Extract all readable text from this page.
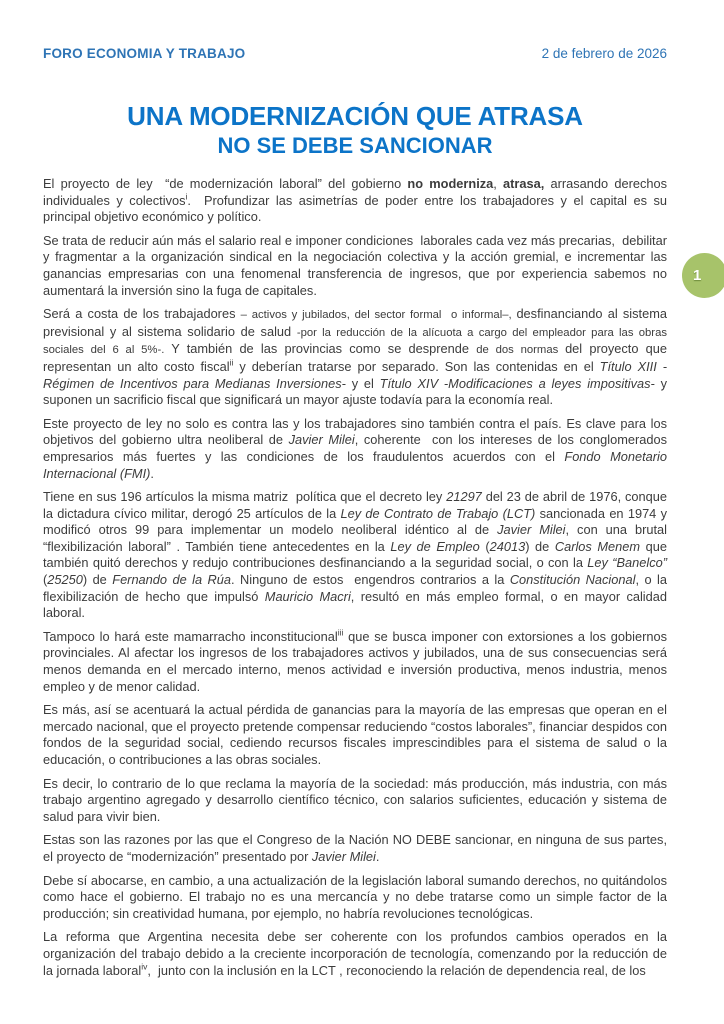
FORO ECONOMIA Y TRABAJO	2 de febrero de 2026
UNA MODERNIZACIÓN QUE ATRASA
NO SE DEBE SANCIONAR

El proyecto de ley  “de modernización laboral” del gobierno no moderniza, atrasa, arrasando derechos individuales y colectivos$^i$.  Profundizar las asimetrías de poder entre los trabajadores y el capital es su principal objetivo económico y político.

Se trata de reducir aún más el salario real e imponer condiciones  laborales cada vez más precarias,  debilitar y fragmentar a la organización sindical en la negociación colectiva y la acción gremial, e incrementar las ganancias empresarias con una fenomenal transferencia de ingresos, que por experiencia sabemos no aumentará la inversión sino la fuga de capitales.

Será a costa de los trabajadores – activos y jubilados, del sector formal  o informal–, desfinanciando al sistema previsional y al sistema solidario de salud -por la reducción de la alícuota a cargo del empleador para las obras sociales del 6 al 5%-. Y también de las provincias como se desprende de dos normas del proyecto que representan un alto costo fiscal$^{ii}$ y deberían tratarse por separado. Son las contenidas en el Título XIII - Régimen de Incentivos para Medianas Inversiones- y el Título XIV -Modificaciones a leyes impositivas- y suponen un sacrificio fiscal que significará un mayor ajuste todavía para la economía real.

Este proyecto de ley no solo es contra las y los trabajadores sino también contra el país. Es clave para los objetivos del gobierno ultra neoliberal de Javier Milei, coherente  con los intereses de los conglomerados empresarios más fuertes y las condiciones de los fraudulentos acuerdos con el Fondo Monetario Internacional (FMI).

Tiene en sus 196 artículos la misma matriz  política que el decreto ley 21297 del 23 de abril de 1976, conque la dictadura cívico militar, derogó 25 artículos de la Ley de Contrato de Trabajo (LCT) sancionada en 1974 y modificó otros 99 para implementar un modelo neoliberal idéntico al de Javier Milei, con una brutal “flexibilización laboral” . También tiene antecedentes en la Ley de Empleo (24013) de Carlos Menem que también quitó derechos y redujo contribuciones desfinanciando a la seguridad social, o con la Ley “Banelco” (25250) de Fernando de la Rúa. Ninguno de estos  engendros contrarios a la Constitución Nacional, o la flexibilización de hecho que impulsó Mauricio Macri, resultó en más empleo formal, o en mayor calidad laboral.

Tampoco lo hará este mamarracho inconstitucional$^{iii}$ que se busca imponer con extorsiones a los gobiernos provinciales. Al afectar los ingresos de los trabajadores activos y jubilados, una de sus consecuencias será menos demanda en el mercado interno, menos actividad e inversión productiva, menos industria, menos empleo y de menor calidad.

Es más, así se acentuará la actual pérdida de ganancias para la mayoría de las empresas que operan en el mercado nacional, que el proyecto pretende compensar reduciendo “costos laborales”, financiar despidos con fondos de la seguridad social, cediendo recursos fiscales imprescindibles para el sistema de salud o la educación, o contribuciones a las obras sociales.

Es decir, lo contrario de lo que reclama la mayoría de la sociedad: más producción, más industria, con más trabajo argentino agregado y desarrollo científico técnico, con salarios suficientes, educación y sistema de salud para vivir bien.

Estas son las razones por las que el Congreso de la Nación NO DEBE sancionar, en ninguna de sus partes, el proyecto de “modernización” presentado por Javier Milei.

Debe sí abocarse, en cambio, a una actualización de la legislación laboral sumando derechos, no quitándolos como hace el gobierno. El trabajo no es una mercancía y no debe tratarse como un simple factor de la producción; sin creatividad humana, por ejemplo, no habría revoluciones tecnológicas.

La reforma que Argentina necesita debe ser coherente con los profundos cambios operados en la organización del trabajo debido a la creciente incorporación de tecnología, comenzando por la reducción de la jornada laboral$^{iv}$,  junto con la inclusión en la LCT , reconociendo la relación de dependencia real, de los

1
